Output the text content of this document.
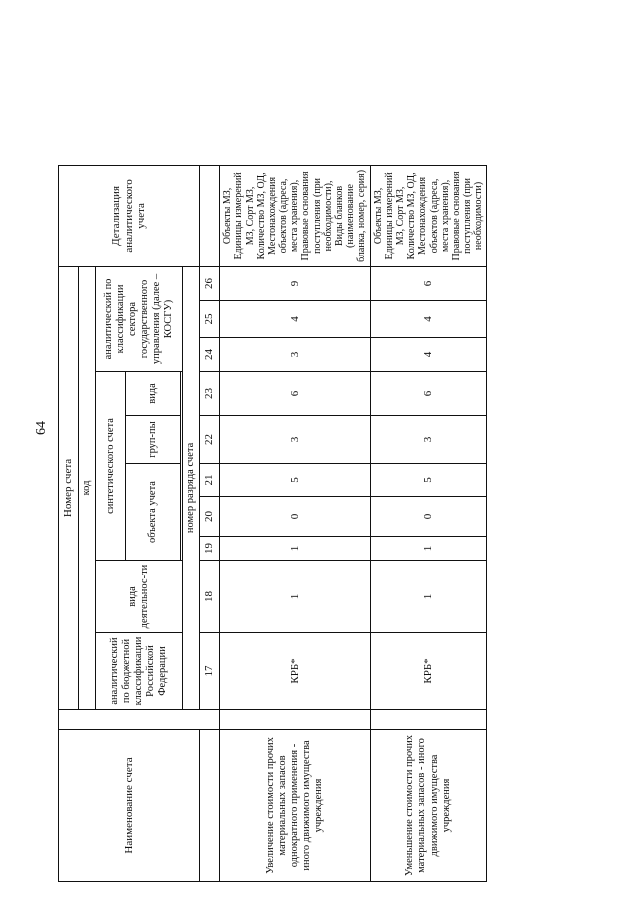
64
Наименование счета		Номер счета										Детализация аналитического учета
		код										
		аналитический по бюджетной классификации Российской Федерации	вида деятельнос-ти	синтетического счета					аналитический по классификации сектора государственного управления (далее – КОСГУ)			
				объекта учета			груп-пы	вида				

		номер разряда счета										
		17	18	19	20	21	22	23	24	25	26	
Увеличение стоимости прочих материальных запасов однократного применения - иного движимого имущества учреждения		КРБ*	1	1	0	5	3	6	3	4	9	Объекты МЗ, Единицы измерений МЗ, Сорт МЗ, Количество МЗ, ОД, Местонахождения объектов (адреса, места хранения), Правовые основания поступления (при необходимости), Виды бланков (наименование бланка, номер, серия)
Уменьшение стоимости прочих материальных запасов - иного движимого имущества учреждения		КРБ*	1	1	0	5	3	6	4	4	6	Объекты МЗ, Единицы измерений МЗ, Сорт МЗ, Количество МЗ, ОД, Местонахождения объектов (адреса, места хранения), Правовые основания поступления (при необходимости)
